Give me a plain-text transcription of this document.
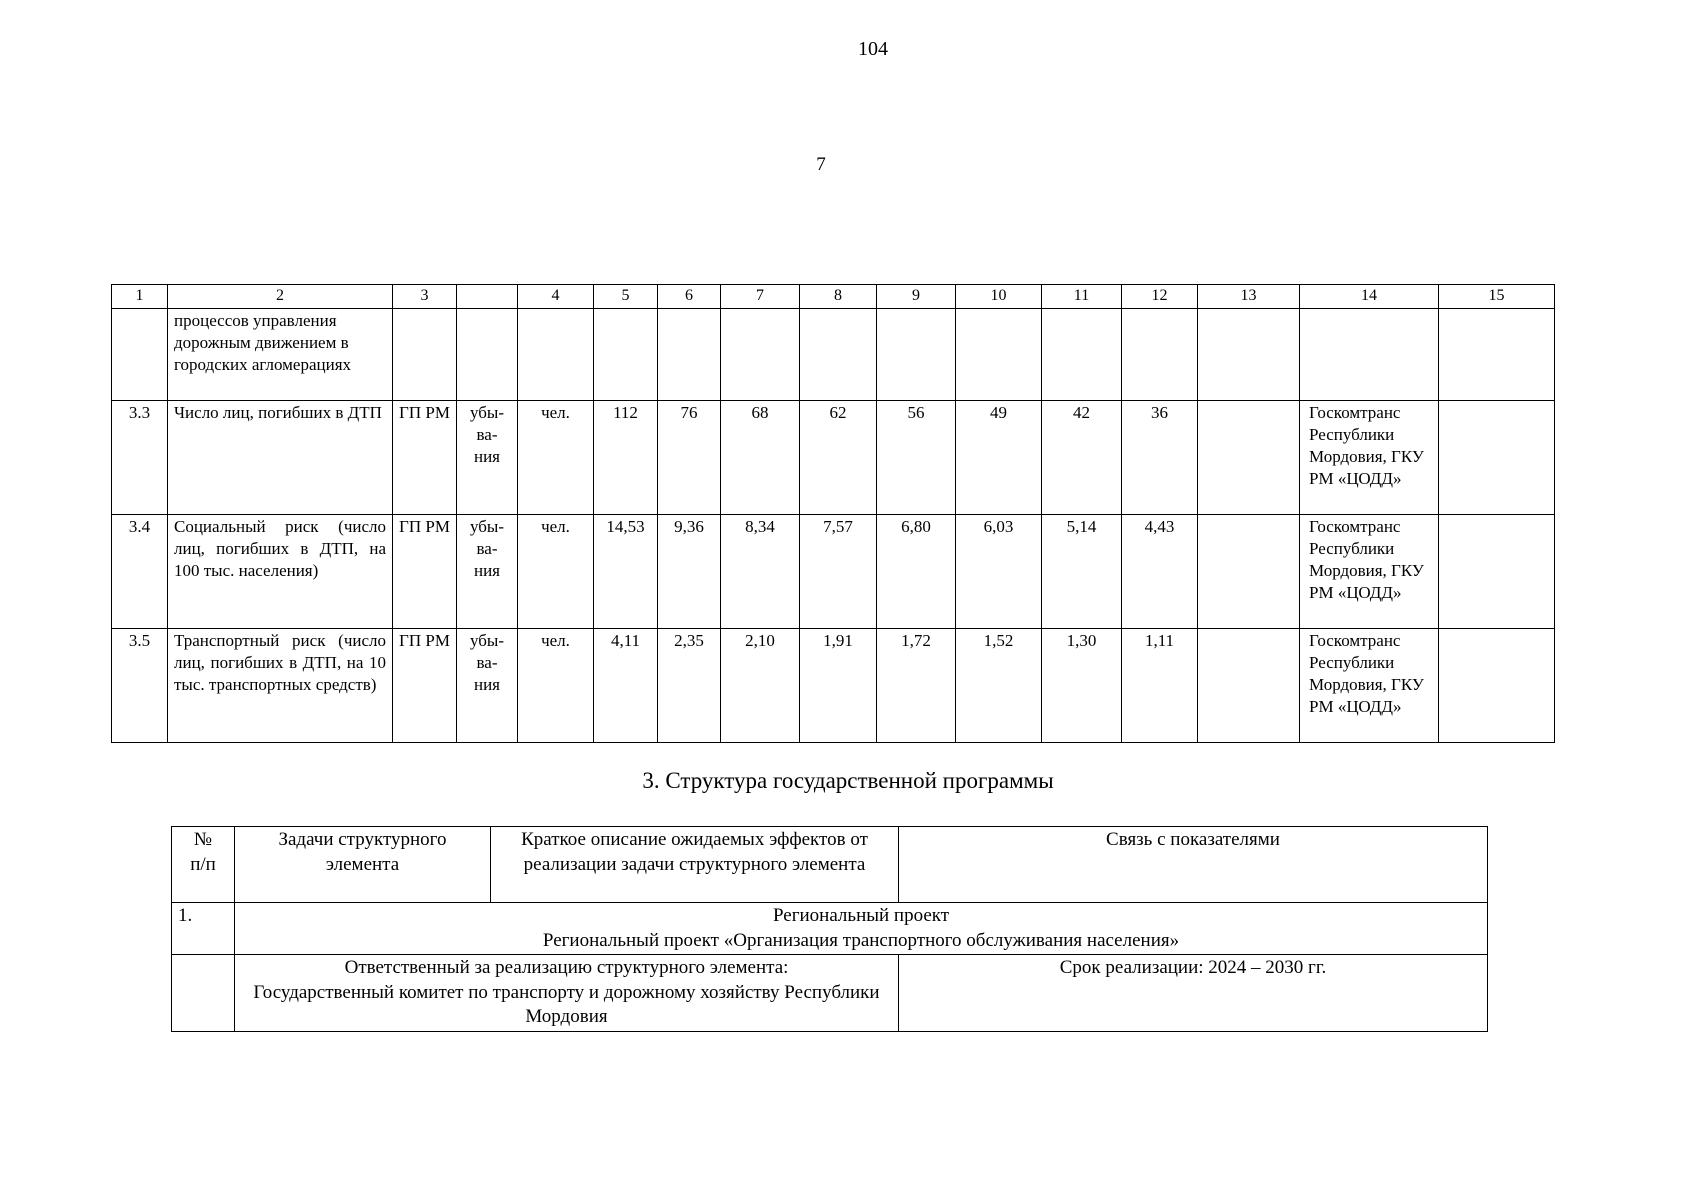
104
7
1	2	3		4	5	6	7	8	9	10	11	12	13	14	15
	процессов управления дорожным движением в городских агломерациях														
3.3	Число лиц, погибших в ДТП	ГП РМ	убы-
ва-
ния	чел.	112	76	68	62	56	49	42	36		Госкомтранс Республики Мордовия, ГКУ РМ «ЦОДД»	
3.4	Социальный риск (число лиц, погибших в ДТП, на 100 тыс. населения)	ГП РМ	убы-
ва-
ния	чел.	14,53	9,36	8,34	7,57	6,80	6,03	5,14	4,43		Госкомтранс Республики Мордовия, ГКУ РМ «ЦОДД»	
3.5	Транспортный риск (число лиц, погибших в ДТП, на 10 тыс. транспортных средств)	ГП РМ	убы-
ва-
ния	чел.	4,11	2,35	2,10	1,91	1,72	1,52	1,30	1,11		Госкомтранс Республики Мордовия, ГКУ РМ «ЦОДД»	
3. Структура государственной программы
№
п/п	Задачи структурного элемента	Краткое описание ожидаемых эффектов от реализации задачи структурного элемента	Связь с показателями
1.	Региональный проект
Региональный проект «Организация транспортного обслуживания населения»		

	Ответственный за реализацию структурного элемента:
Государственный комитет по транспорту и дорожному хозяйству Республики Мордовия		Срок реализации: 2024 – 2030 гг.
